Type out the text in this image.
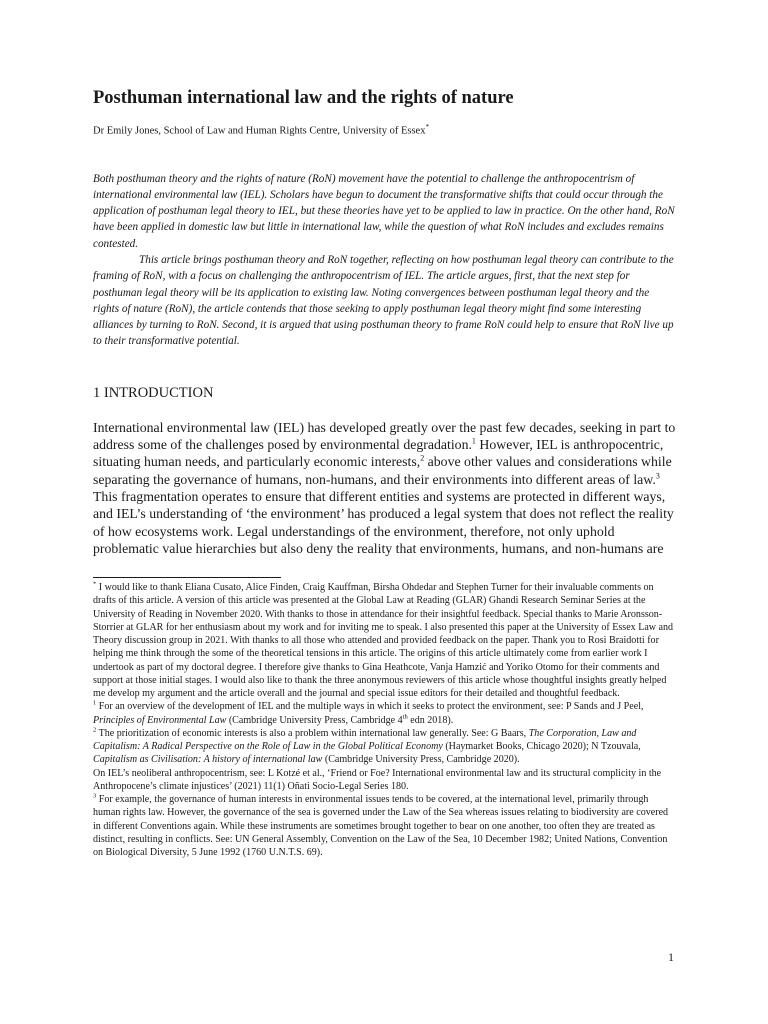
Posthuman international law and the rights of nature
Dr Emily Jones, School of Law and Human Rights Centre, University of Essex*

Both posthuman theory and the rights of nature (RoN) movement have the potential to challenge the anthropocentrism of international environmental law (IEL). Scholars have begun to document the transformative shifts that could occur through the application of posthuman legal theory to IEL, but these theories have yet to be applied to law in practice. On the other hand, RoN have been applied in domestic law but little in international law, while the question of what RoN includes and excludes remains contested.

This article brings posthuman theory and RoN together, reflecting on how posthuman legal theory can contribute to the framing of RoN, with a focus on challenging the anthropocentrism of IEL. The article argues, first, that the next step for posthuman legal theory will be its application to existing law. Noting convergences between posthuman legal theory and the rights of nature (RoN), the article contends that those seeking to apply posthuman legal theory might find some interesting alliances by turning to RoN. Second, it is argued that using posthuman theory to frame RoN could help to ensure that RoN live up to their transformative potential.

1 INTRODUCTION
International environmental law (IEL) has developed greatly over the past few decades, seeking in part to address some of the challenges posed by environmental degradation.$^1$ However, IEL is anthropocentric, situating human needs, and particularly economic interests,$^2$ above other values and considerations while separating the governance of humans, non-humans, and their environments into different areas of law.$^3$ This fragmentation operates to ensure that different entities and systems are protected in different ways, and IEL’s understanding of ‘the environment’ has produced a legal system that does not reflect the reality of how ecosystems work. Legal understandings of the environment, therefore, not only uphold problematic value hierarchies but also deny the reality that environments, humans, and non-humans are

* I would like to thank Eliana Cusato, Alice Finden, Craig Kauffman, Birsha Ohdedar and Stephen Turner for their invaluable comments on drafts of this article. A version of this article was presented at the Global Law at Reading (GLAR) Ghandi Research Seminar Series at the University of Reading in November 2020. With thanks to those in attendance for their insightful feedback. Special thanks to Marie Aronsson-Storrier at GLAR for her enthusiasm about my work and for inviting me to speak. I also presented this paper at the University of Essex Law and Theory discussion group in 2021. With thanks to all those who attended and provided feedback on the paper. Thank you to Rosi Braidotti for helping me think through the some of the theoretical tensions in this article. The origins of this article ultimately come from earlier work I undertook as part of my doctoral degree. I therefore give thanks to Gina Heathcote, Vanja Hamzić and Yoriko Otomo for their comments and support at those initial stages. I would also like to thank the three anonymous reviewers of this article whose thoughtful insights greatly helped me develop my argument and the article overall and the journal and special issue editors for their detailed and thoughtful feedback.

$^1$ For an overview of the development of IEL and the multiple ways in which it seeks to protect the environment, see: P Sands and J Peel, Principles of Environmental Law (Cambridge University Press, Cambridge 4th edn 2018).

$^2$ The prioritization of economic interests is also a problem within international law generally. See: G Baars, The Corporation, Law and Capitalism: A Radical Perspective on the Role of Law in the Global Political Economy (Haymarket Books, Chicago 2020); N Tzouvala, Capitalism as Civilisation: A history of international law (Cambridge University Press, Cambridge 2020).

On IEL’s neoliberal anthropocentrism, see: L Kotzé et al., ‘Friend or Foe? International environmental law and its structural complicity in the Anthropocene’s climate injustices’ (2021) 11(1) Oñati Socio-Legal Series 180.

$^3$ For example, the governance of human interests in environmental issues tends to be covered, at the international level, primarily through human rights law. However, the governance of the sea is governed under the Law of the Sea whereas issues relating to biodiversity are covered in different Conventions again. While these instruments are sometimes brought together to bear on one another, too often they are treated as distinct, resulting in conflicts. See: UN General Assembly, Convention on the Law of the Sea, 10 December 1982; United Nations, Convention on Biological Diversity, 5 June 1992 (1760 U.N.T.S. 69).

1
